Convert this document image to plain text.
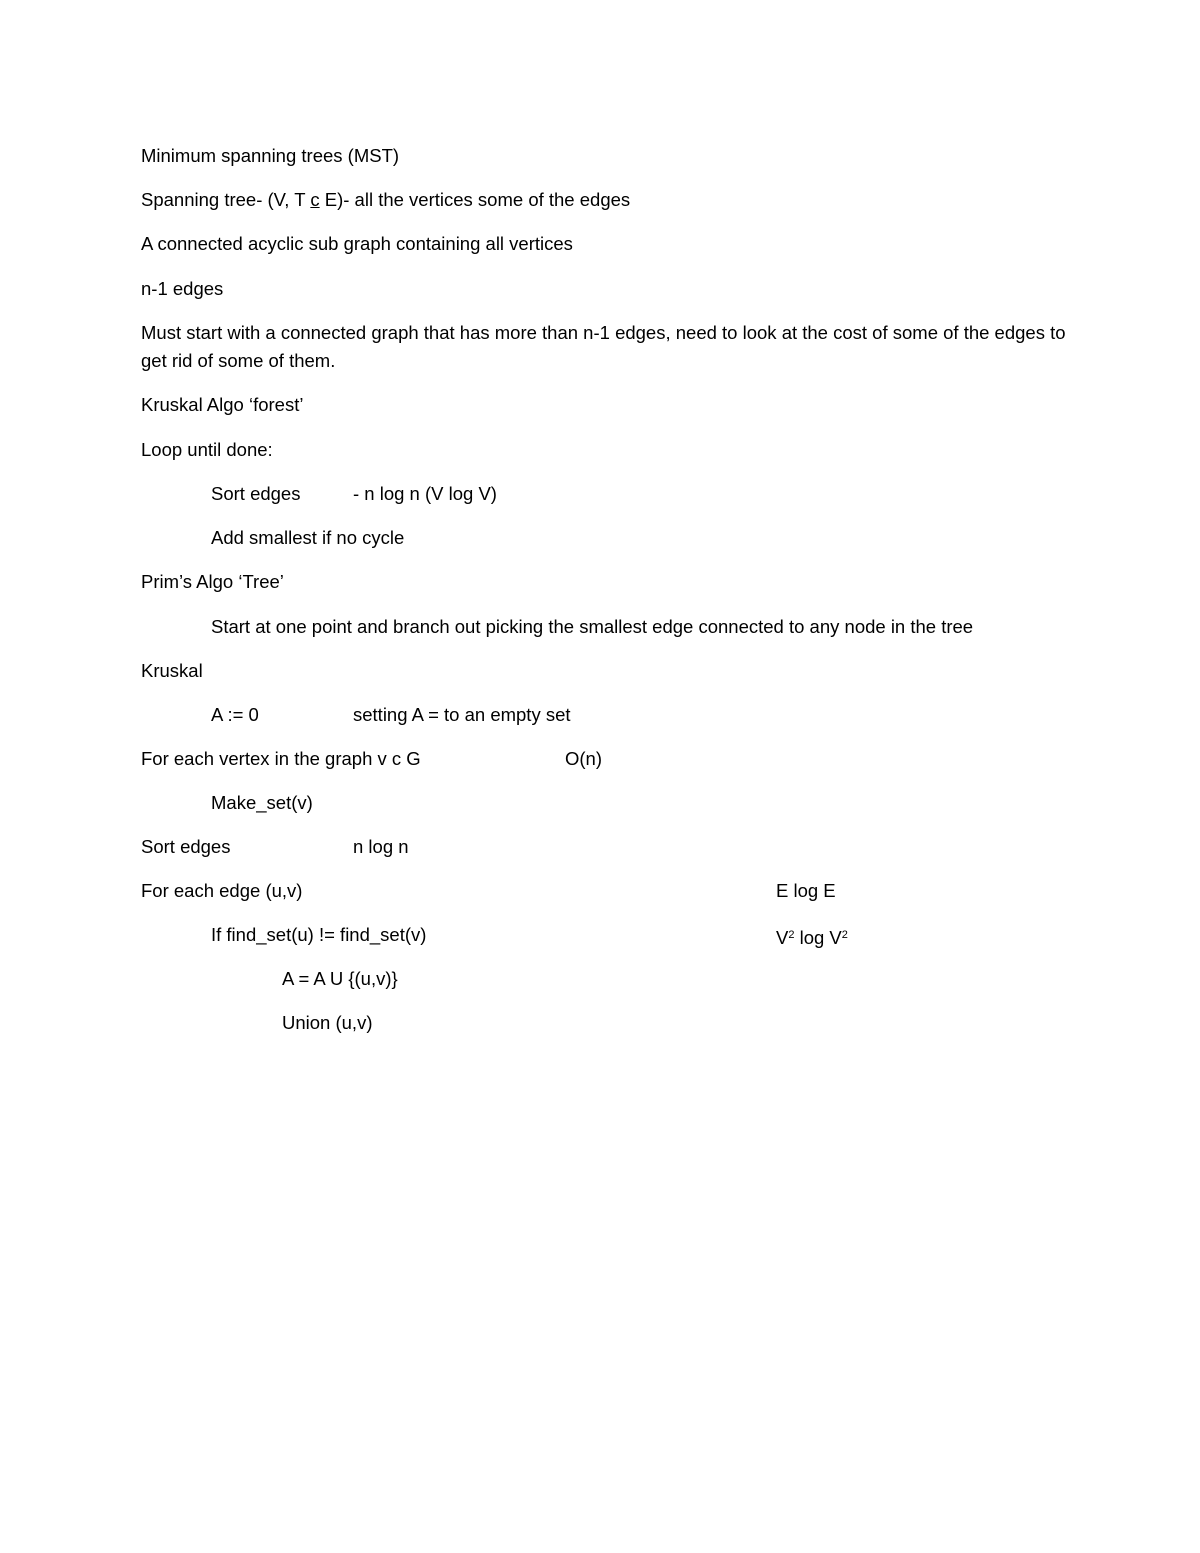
Minimum spanning trees (MST)
Spanning tree- (V, T c E)- all the vertices some of the edges
A connected acyclic sub graph containing all vertices
n-1 edges
Must start with a connected graph that has more than n-1 edges, need to look at the cost of some of the edges to get rid of some of them.
Kruskal Algo ‘forest’
Loop until done:
Sort edges	- n log n (V log V)
Add smallest if no cycle
Prim’s Algo ‘Tree’
Start at one point and branch out picking the smallest edge connected to any node in the tree
Kruskal
A := 0	setting A = to an empty set
For each vertex in the graph v c G	O(n)
Make_set(v)
Sort edges	n log n
For each edge (u,v)	E log E
If find_set(u) != find_set(v)	$V^2$ $\log V^2$
A = A U {(u,v)}
Union (u,v)
